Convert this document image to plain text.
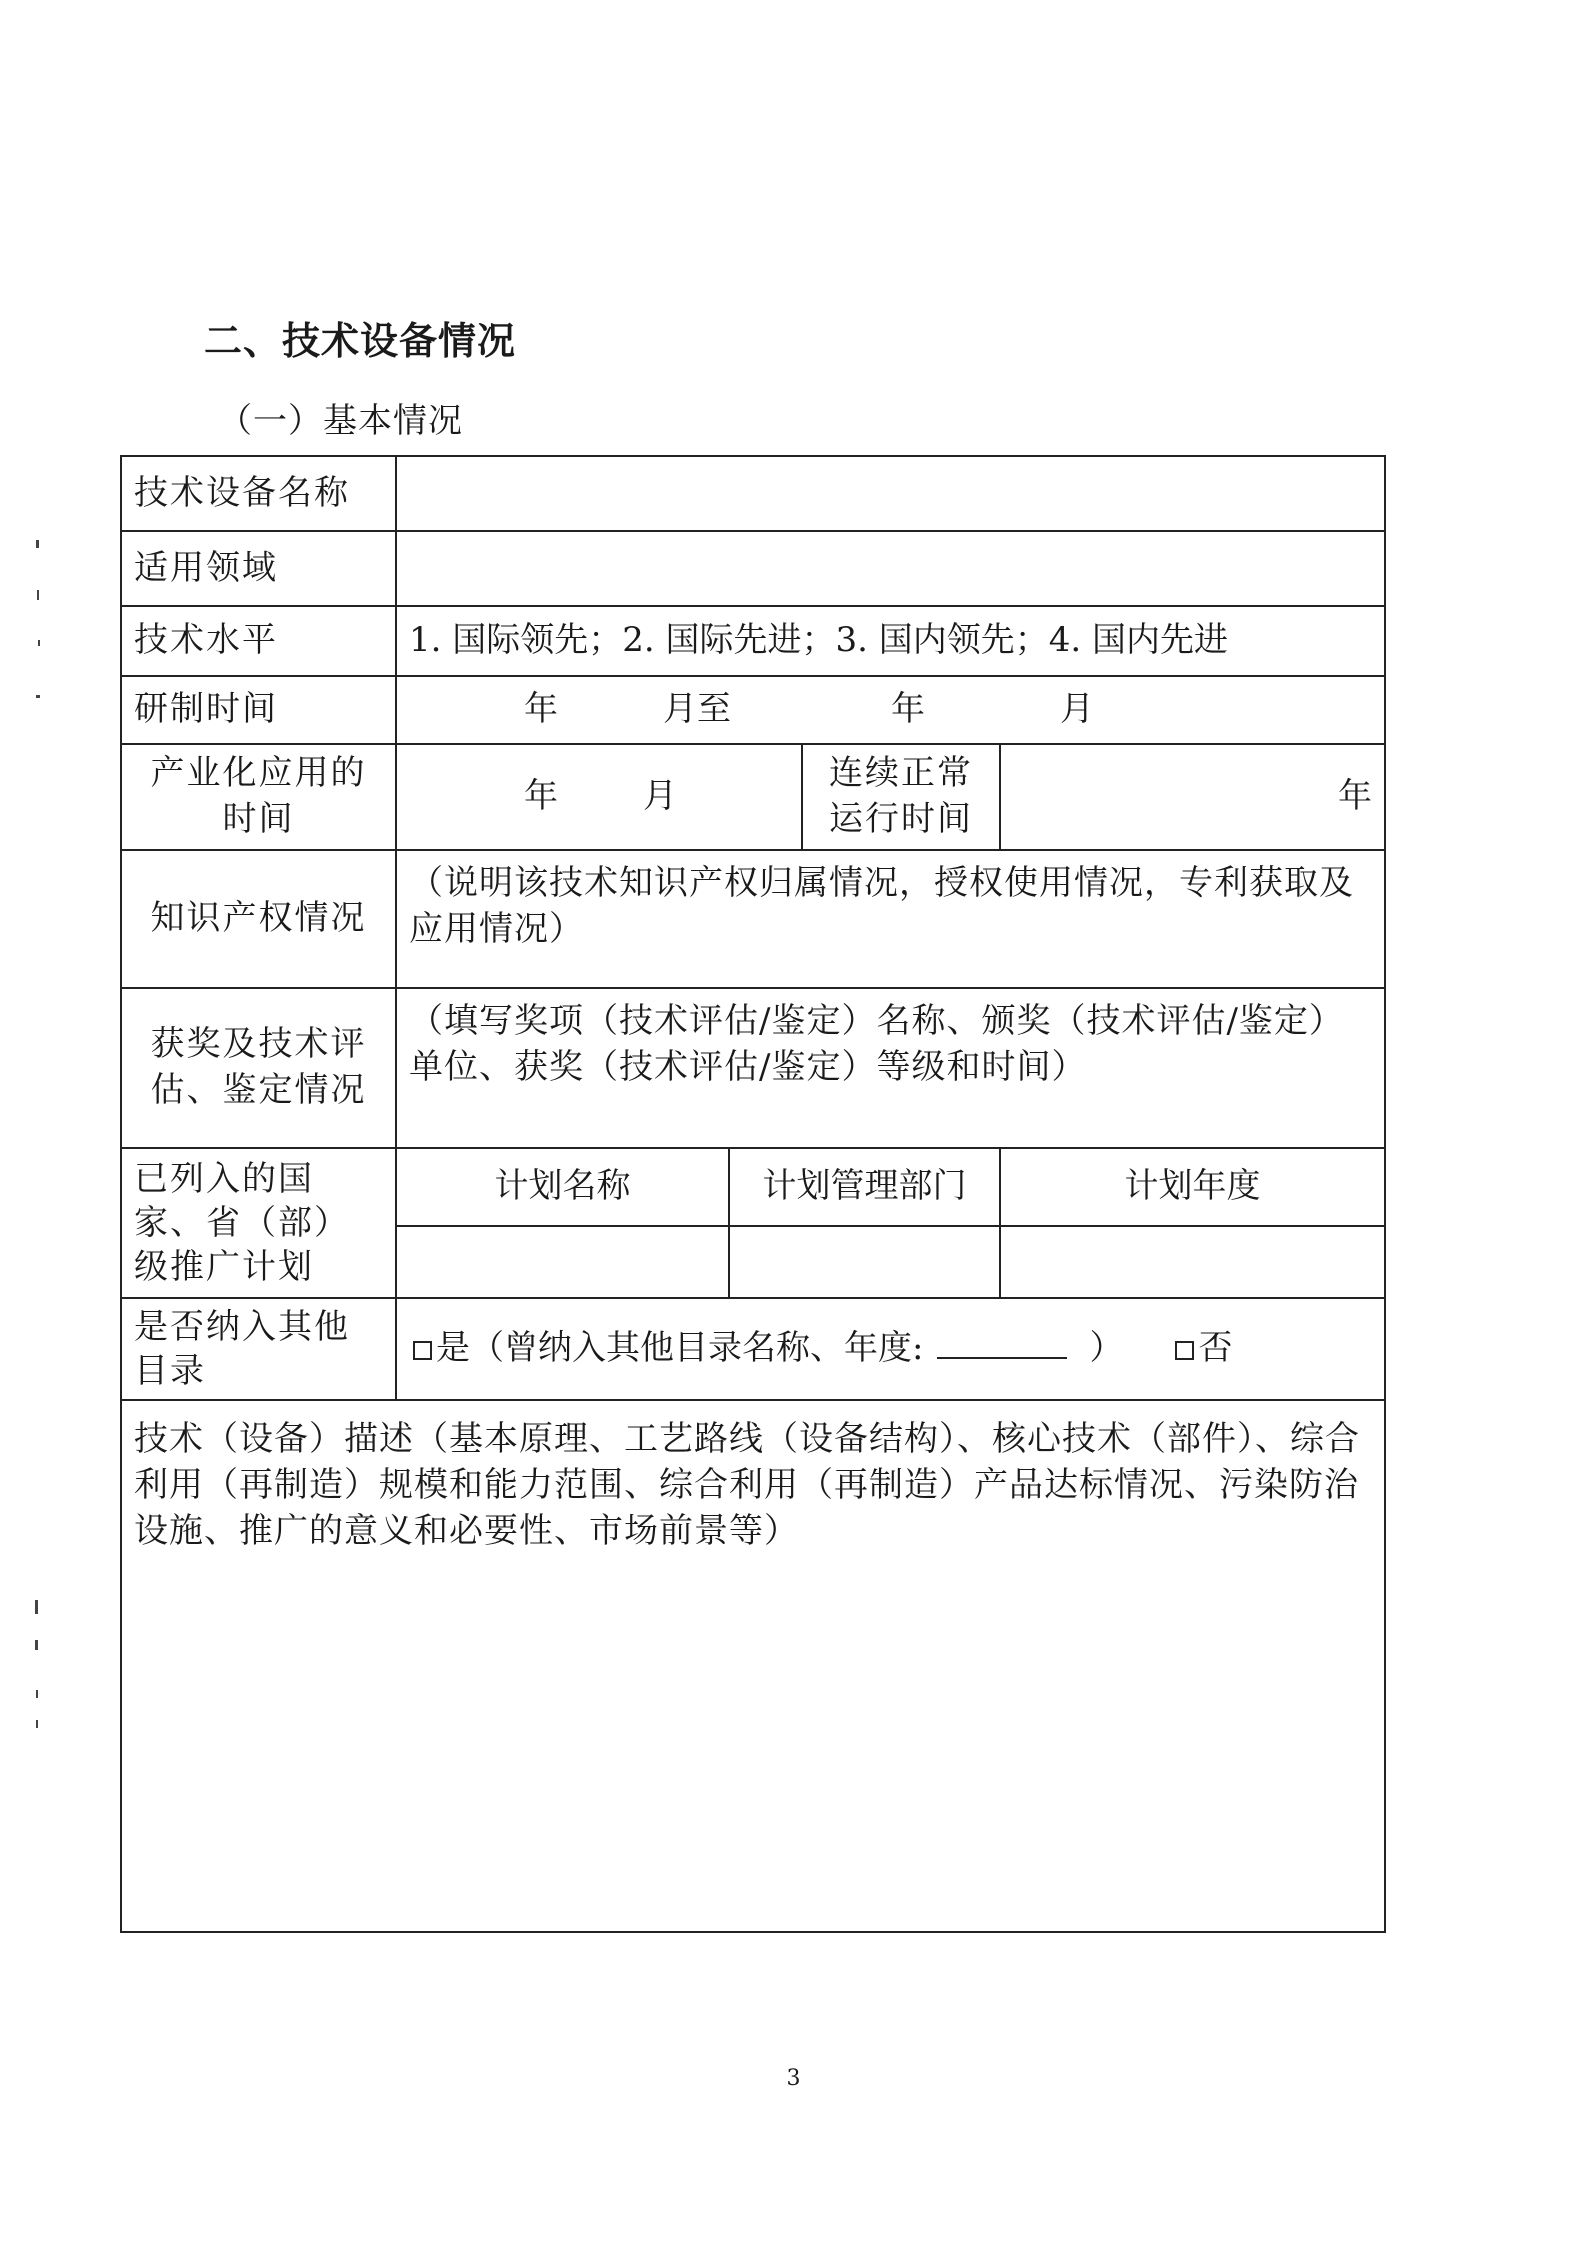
二、技术设备情况
（一）基本情况
技术设备名称				
适用领域				
技术水平	1. 国际领先；2. 国际先进；3. 国内领先；4. 国内先进			
研制时间	年 月至 年 月			
产业化应用的时间	年 月		连续正常运行时间	年
知识产权情况	（说明该技术知识产权归属情况，授权使用情况，专利获取及应用情况）			
获奖及技术评估、鉴定情况	（填写奖项（技术评估/鉴定）名称、颁奖（技术评估/鉴定）单位、获奖（技术评估/鉴定）等级和时间）			
已列入的国家、省（部）级推广计划	计划名称	计划管理部门		计划年度

是否纳入其他目录	是（曾纳入其他目录名称、年度: ） 否			
技术（设备）描述（基本原理、工艺路线（设备结构）、核心技术（部件）、综合利用（再制造）规模和能力范围、综合利用（再制造）产品达标情况、污染防治设施、推广的意义和必要性、市场前景等）				
3
